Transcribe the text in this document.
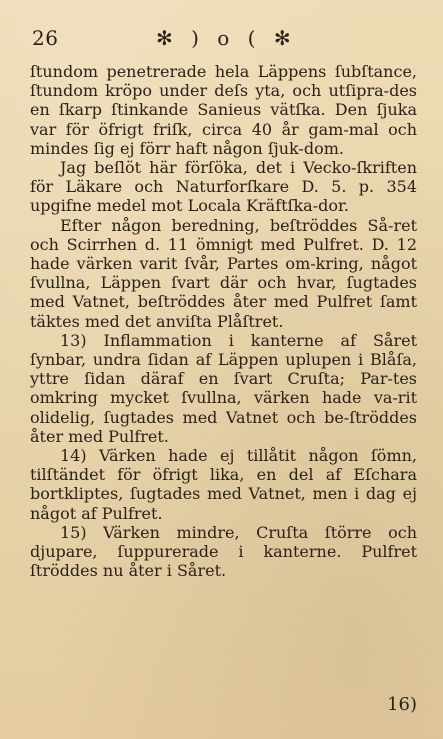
26	✻ ) o ( ✻

ſtundom penetrerade hela Läppens ſubſtance, ſtundom kröpo under deſs yta, och utſipra-des en ſkarp ſtinkande Sanieus vätſka. Den ſjuka var för öfrigt friſk, circa 40 år gam-mal och mindes ſig ej förr haft någon ſjuk-dom.

Jag beſlöt här förſöka, det i Vecko-ſkriften för Läkare och Naturforſkare D. 5. p. 354 upgifne medel mot Locala Kräftſka-dor.

Efter någon beredning, beſtröddes Så-ret och Scirrhen d. 11 ömnigt med Pulfret. D. 12 hade värken varit ſvår, Partes om-kring, något ſvullna, Läppen ſvart där och hvar, ſugtades med Vatnet, beſtröddes åter med Pulfret ſamt täktes med det anviſta Plåſtret.

13) Inflammation i kanterne af Såret ſynbar, undra ſidan af Läppen uplupen i Blåſa, yttre ſidan däraf en ſvart Cruſta; Par-tes omkring mycket ſvullna, värken hade va-rit olidelig, ſugtades med Vatnet och be-ſtröddes åter med Pulfret.

14) Värken hade ej tillåtit någon ſömn, tilſtändet för öfrigt lika, en del af Eſchara bortkliptes, ſugtades med Vatnet, men i dag ej något af Pulfret.

15) Värken mindre, Cruſta ſtörre och djupare, ſuppurerade i kanterne. Pulfret ſtröddes nu åter i Såret.

16)
